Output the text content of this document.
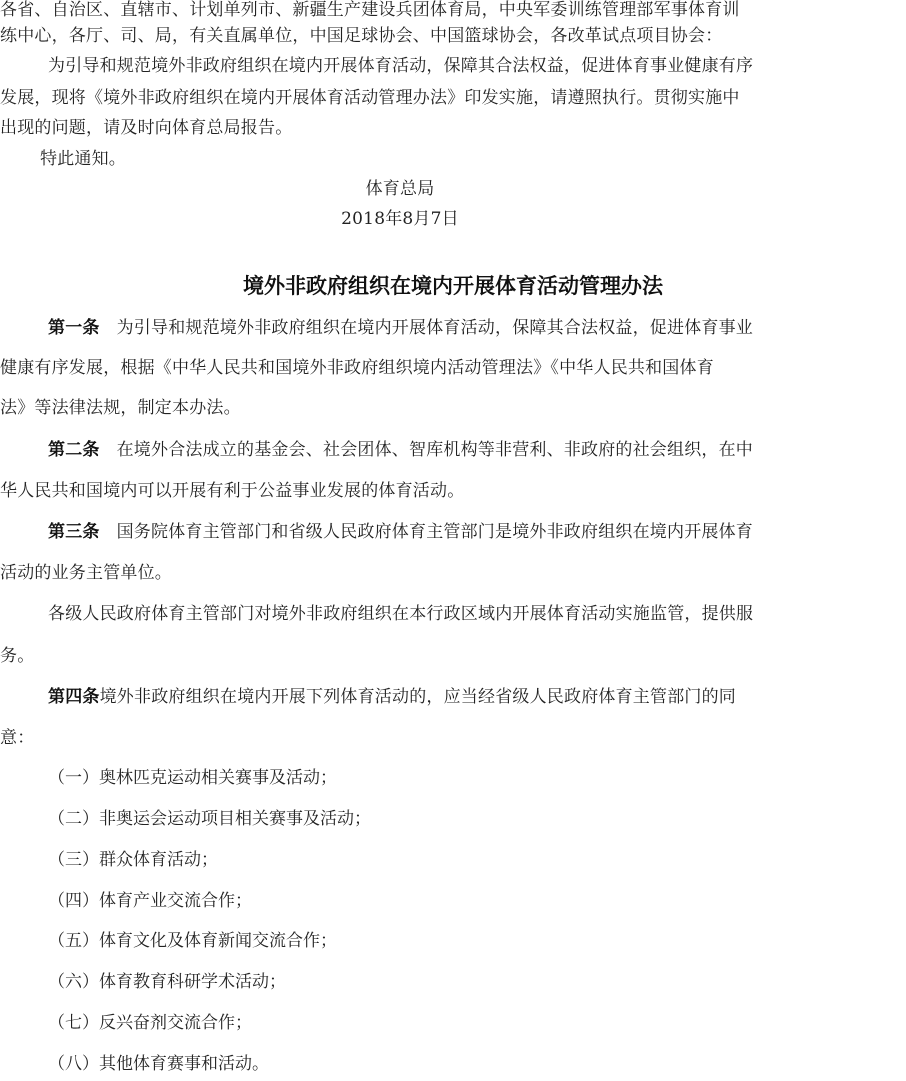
各省、自治区、直辖市、计划单列市、新疆生产建设兵团体育局，中央军委训练管理部军事体育训
练中心，各厅、司、局，有关直属单位，中国足球协会、中国篮球协会，各改革试点项目协会：
为引导和规范境外非政府组织在境内开展体育活动，保障其合法权益，促进体育事业健康有序
发展，现将《境外非政府组织在境内开展体育活动管理办法》印发实施，请遵照执行。贯彻实施中
出现的问题，请及时向体育总局报告。
特此通知。
体育总局
2018年8月7日
境外非政府组织在境内开展体育活动管理办法
第一条 为引导和规范境外非政府组织在境内开展体育活动，保障其合法权益，促进体育事业
健康有序发展，根据《中华人民共和国境外非政府组织境内活动管理法》《中华人民共和国体育
法》等法律法规，制定本办法。
第二条 在境外合法成立的基金会、社会团体、智库机构等非营利、非政府的社会组织，在中
华人民共和国境内可以开展有利于公益事业发展的体育活动。
第三条 国务院体育主管部门和省级人民政府体育主管部门是境外非政府组织在境内开展体育
活动的业务主管单位。
各级人民政府体育主管部门对境外非政府组织在本行政区域内开展体育活动实施监管，提供服
务。
第四条境外非政府组织在境内开展下列体育活动的，应当经省级人民政府体育主管部门的同
意：
（一）奥林匹克运动相关赛事及活动；
（二）非奥运会运动项目相关赛事及活动；
（三）群众体育活动；
（四）体育产业交流合作；
（五）体育文化及体育新闻交流合作；
（六）体育教育科研学术活动；
（七）反兴奋剂交流合作；
（八）其他体育赛事和活动。
